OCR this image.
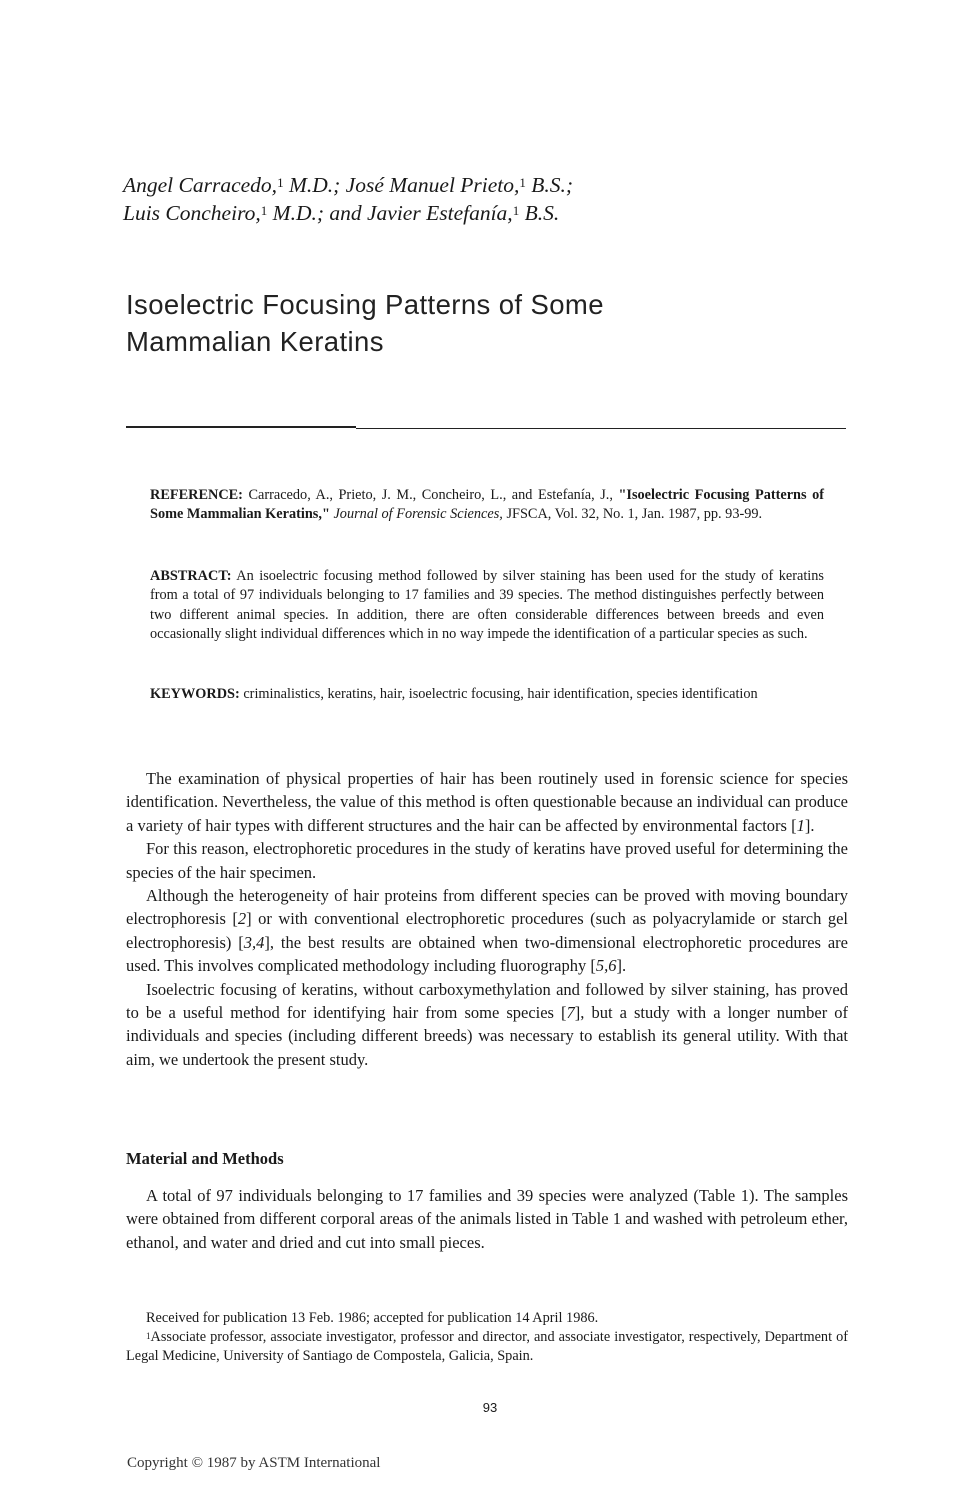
Angel Carracedo,$^1$ M.D.; José Manuel Prieto,$^1$ B.S.;
Luis Concheiro,$^1$ M.D.; and Javier Estefanía,$^1$ B.S.
Isoelectric Focusing Patterns of Some
Mammalian Keratins
REFERENCE: Carracedo, A., Prieto, J. M., Concheiro, L., and Estefanía, J., "Isoelectric Focusing Patterns of Some Mammalian Keratins," Journal of Forensic Sciences, JFSCA, Vol. 32, No. 1, Jan. 1987, pp. 93-99.
ABSTRACT: An isoelectric focusing method followed by silver staining has been used for the study of keratins from a total of 97 individuals belonging to 17 families and 39 species. The method distinguishes perfectly between two different animal species. In addition, there are often considerable differences between breeds and even occasionally slight individual differences which in no way impede the identification of a particular species as such.
KEYWORDS: criminalistics, keratins, hair, isoelectric focusing, hair identification, species identification

The examination of physical properties of hair has been routinely used in forensic science for species identification. Nevertheless, the value of this method is often questionable because an individual can produce a variety of hair types with different structures and the hair can be affected by environmental factors [1].

For this reason, electrophoretic procedures in the study of keratins have proved useful for determining the species of the hair specimen.

Although the heterogeneity of hair proteins from different species can be proved with moving boundary electrophoresis [2] or with conventional electrophoretic procedures (such as polyacrylamide or starch gel electrophoresis) [3,4], the best results are obtained when two-dimensional electrophoretic procedures are used. This involves complicated methodology including fluorography [5,6].

Isoelectric focusing of keratins, without carboxymethylation and followed by silver staining, has proved to be a useful method for identifying hair from some species [7], but a study with a longer number of individuals and species (including different breeds) was necessary to establish its general utility. With that aim, we undertook the present study.

Material and Methods

A total of 97 individuals belonging to 17 families and 39 species were analyzed (Table 1). The samples were obtained from different corporal areas of the animals listed in Table 1 and washed with petroleum ether, ethanol, and water and dried and cut into small pieces.

Received for publication 13 Feb. 1986; accepted for publication 14 April 1986.

$^1$Associate professor, associate investigator, professor and director, and associate investigator, respectively, Department of Legal Medicine, University of Santiago de Compostela, Galicia, Spain.

93
Copyright © 1987 by ASTM International
